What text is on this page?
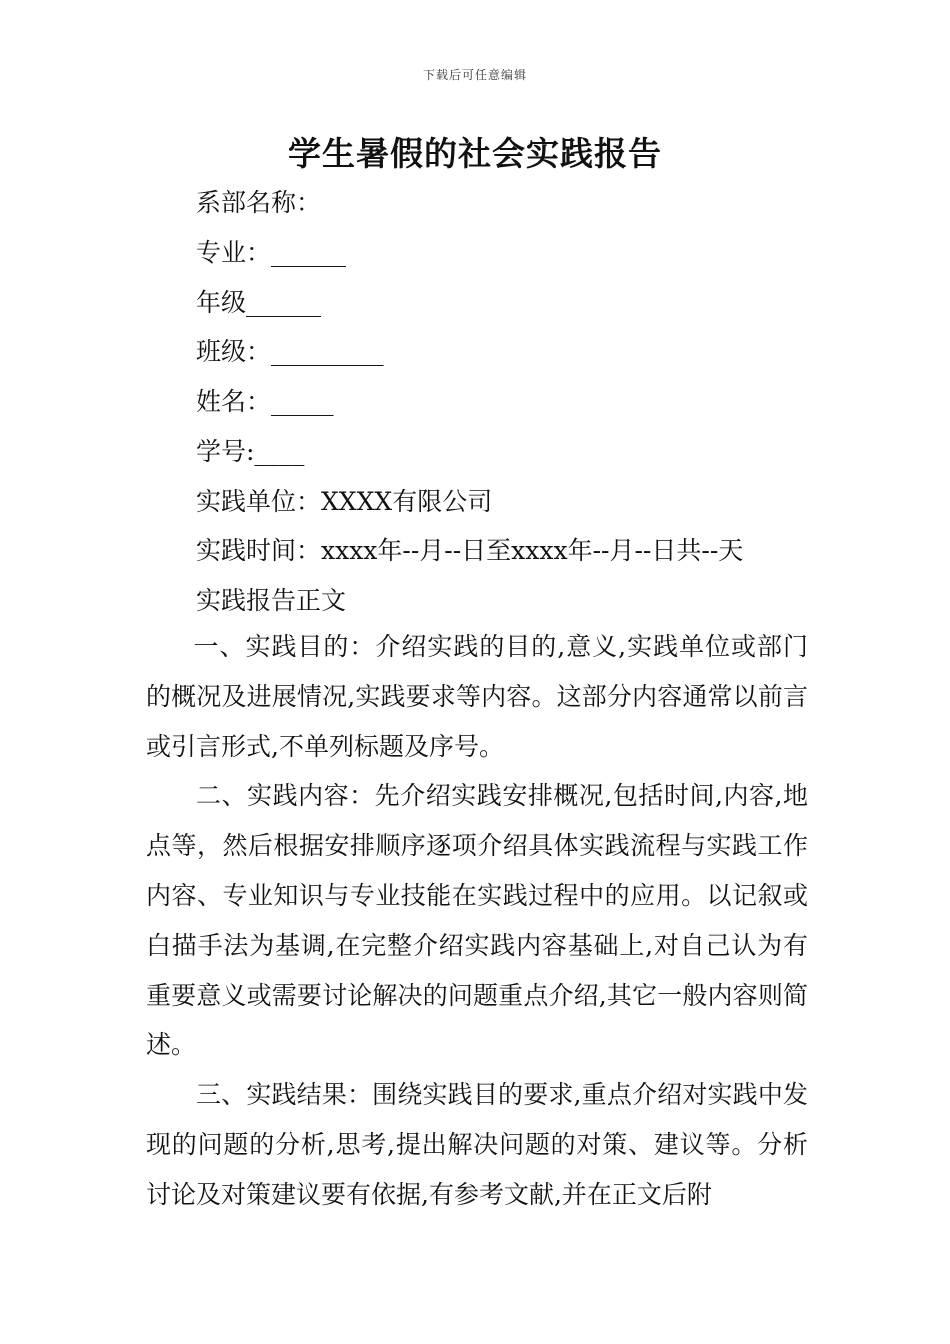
下载后可任意编辑
学生暑假的社会实践报告
系部名称：
专业：______
年级______
班级：_________
姓名：_____
学号:____
实践单位：XXXX有限公司
实践时间：xxxx年--月--日至xxxx年--月--日共--天
实践报告正文

一、实践目的：介绍实践的目的,意义,实践单位或部门的概况及进展情况,实践要求等内容。这部分内容通常以前言或引言形式,不单列标题及序号。

二、实践内容：先介绍实践安排概况,包括时间,内容,地点等，然后根据安排顺序逐项介绍具体实践流程与实践工作内容、专业知识与专业技能在实践过程中的应用。以记叙或白描手法为基调,在完整介绍实践内容基础上,对自己认为有重要意义或需要讨论解决的问题重点介绍,其它一般内容则简述。

三、实践结果：围绕实践目的要求,重点介绍对实践中发现的问题的分析,思考,提出解决问题的对策、建议等。分析讨论及对策建议要有依据,有参考文献,并在正文后附
